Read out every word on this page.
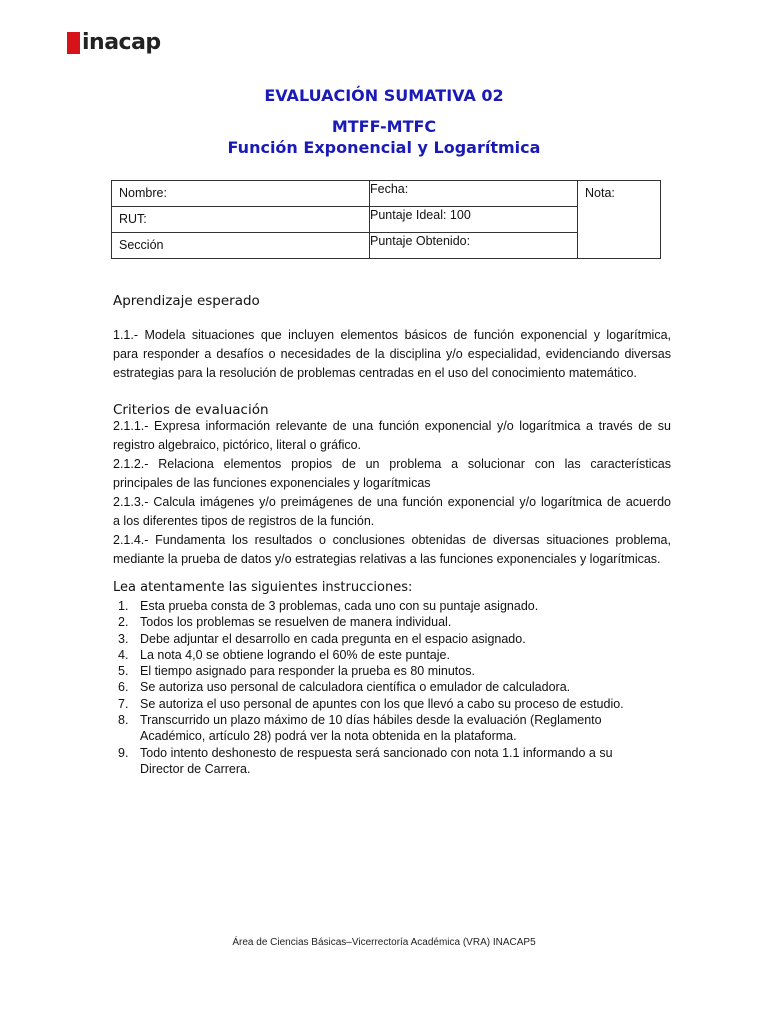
inacap
EVALUACIÓN SUMATIVA 02
MTFF-MTFC
Función Exponencial y Logarítmica
Nombre:	Fecha:	Nota:
RUT:	Puntaje Ideal: 100	
Sección	Puntaje Obtenido:	
Aprendizaje esperado
1.1.- Modela situaciones que incluyen elementos básicos de función exponencial y logarítmica,
para responder a desafíos o necesidades de la disciplina y/o especialidad, evidenciando diversas
estrategias para la resolución de problemas centradas en el uso del conocimiento matemático.
Criterios de evaluación
2.1.1.- Expresa información relevante de una función exponencial y/o logarítmica a través de su
registro algebraico, pictórico, literal o gráfico.
2.1.2.- Relaciona elementos propios de un problema a solucionar con las características
principales de las funciones exponenciales y logarítmicas
2.1.3.- Calcula imágenes y/o preimágenes de una función exponencial y/o logarítmica de acuerdo
a los diferentes tipos de registros de la función.
2.1.4.- Fundamenta los resultados o conclusiones obtenidas de diversas situaciones problema,
mediante la prueba de datos y/o estrategias relativas a las funciones exponenciales y logarítmicas.
Lea atentamente las siguientes instrucciones:
1. Esta prueba consta de 3 problemas, cada uno con su puntaje asignado.
2. Todos los problemas se resuelven de manera individual.
3. Debe adjuntar el desarrollo en cada pregunta en el espacio asignado.
4. La nota 4,0 se obtiene logrando el 60% de este puntaje.
5. El tiempo asignado para responder la prueba es 80 minutos.
6. Se autoriza uso personal de calculadora científica o emulador de calculadora.
7. Se autoriza el uso personal de apuntes con los que llevó a cabo su proceso de estudio.
8. Transcurrido un plazo máximo de 10 días hábiles desde la evaluación (Reglamento Académico, artículo 28) podrá ver la nota obtenida en la plataforma.
9. Todo intento deshonesto de respuesta será sancionado con nota 1.1 informando a su Director de Carrera.
Área de Ciencias Básicas–Vicerrectoría Académica (VRA) INACAP5
